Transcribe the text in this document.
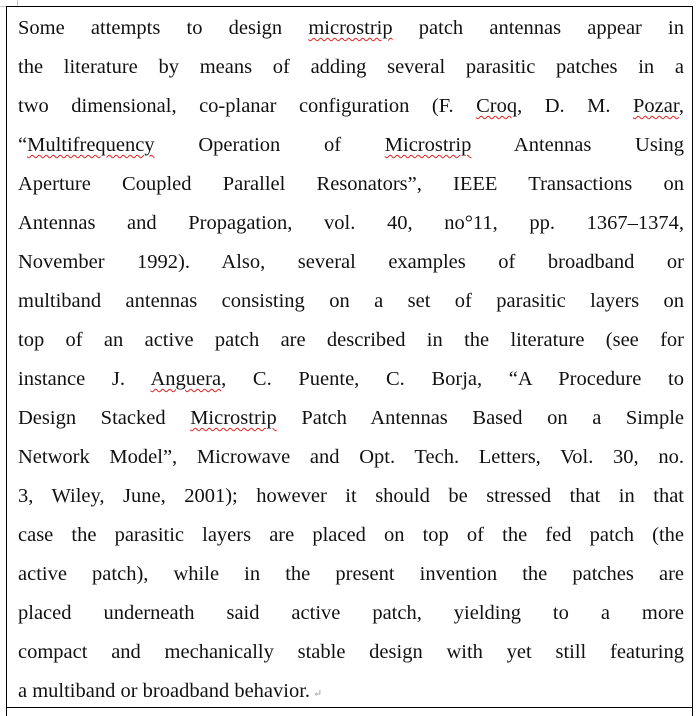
Some attempts to design microstrip patch antennas appear in
the literature by means of adding several parasitic patches in a
two dimensional, co-planar configuration (F. Croq, D. M. Pozar,
“Multifrequency Operation of Microstrip Antennas Using
Aperture Coupled Parallel Resonators”, IEEE Transactions on
Antennas and Propagation, vol. 40, no°11, pp. 1367–1374,
November 1992). Also, several examples of broadband or
multiband antennas consisting on a set of parasitic layers on
top of an active patch are described in the literature (see for
instance J. Anguera, C. Puente, C. Borja, “A Procedure to
Design Stacked Microstrip Patch Antennas Based on a Simple
Network Model”, Microwave and Opt. Tech. Letters, Vol. 30, no.
3, Wiley, June, 2001); however it should be stressed that in that
case the parasitic layers are placed on top of the fed patch (the
active patch), while in the present invention the patches are
placed underneath said active patch, yielding to a more
compact and mechanically stable design with yet still featuring
a multiband or broadband behavior. ↵
